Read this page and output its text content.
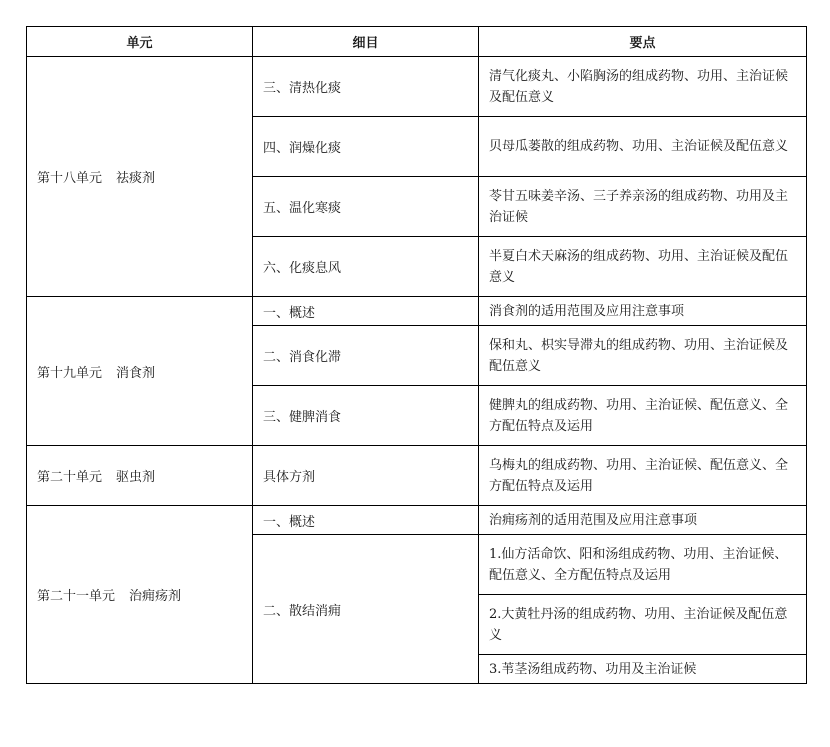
单元	细目	要点
第十八单元 祛痰剂	三、清热化痰	清气化痰丸、小陷胸汤的组成药物、功用、主治证候及配伍意义
	四、润燥化痰	贝母瓜蒌散的组成药物、功用、主治证候及配伍意义
	五、温化寒痰	苓甘五味姜辛汤、三子养亲汤的组成药物、功用及主治证候
	六、化痰息风	半夏白术天麻汤的组成药物、功用、主治证候及配伍意义
第十九单元 消食剂	一、概述	消食剂的适用范围及应用注意事项
	二、消食化滞	保和丸、枳实导滞丸的组成药物、功用、主治证候及配伍意义
	三、健脾消食	健脾丸的组成药物、功用、主治证候、配伍意义、全方配伍特点及运用
第二十单元 驱虫剂	具体方剂	乌梅丸的组成药物、功用、主治证候、配伍意义、全方配伍特点及运用
第二十一单元 治痈疡剂	一、概述	治痈疡剂的适用范围及应用注意事项
	二、散结消痈	1.仙方活命饮、阳和汤组成药物、功用、主治证候、配伍意义、全方配伍特点及运用
		2.大黄牡丹汤的组成药物、功用、主治证候及配伍意义
		3.苇茎汤组成药物、功用及主治证候
